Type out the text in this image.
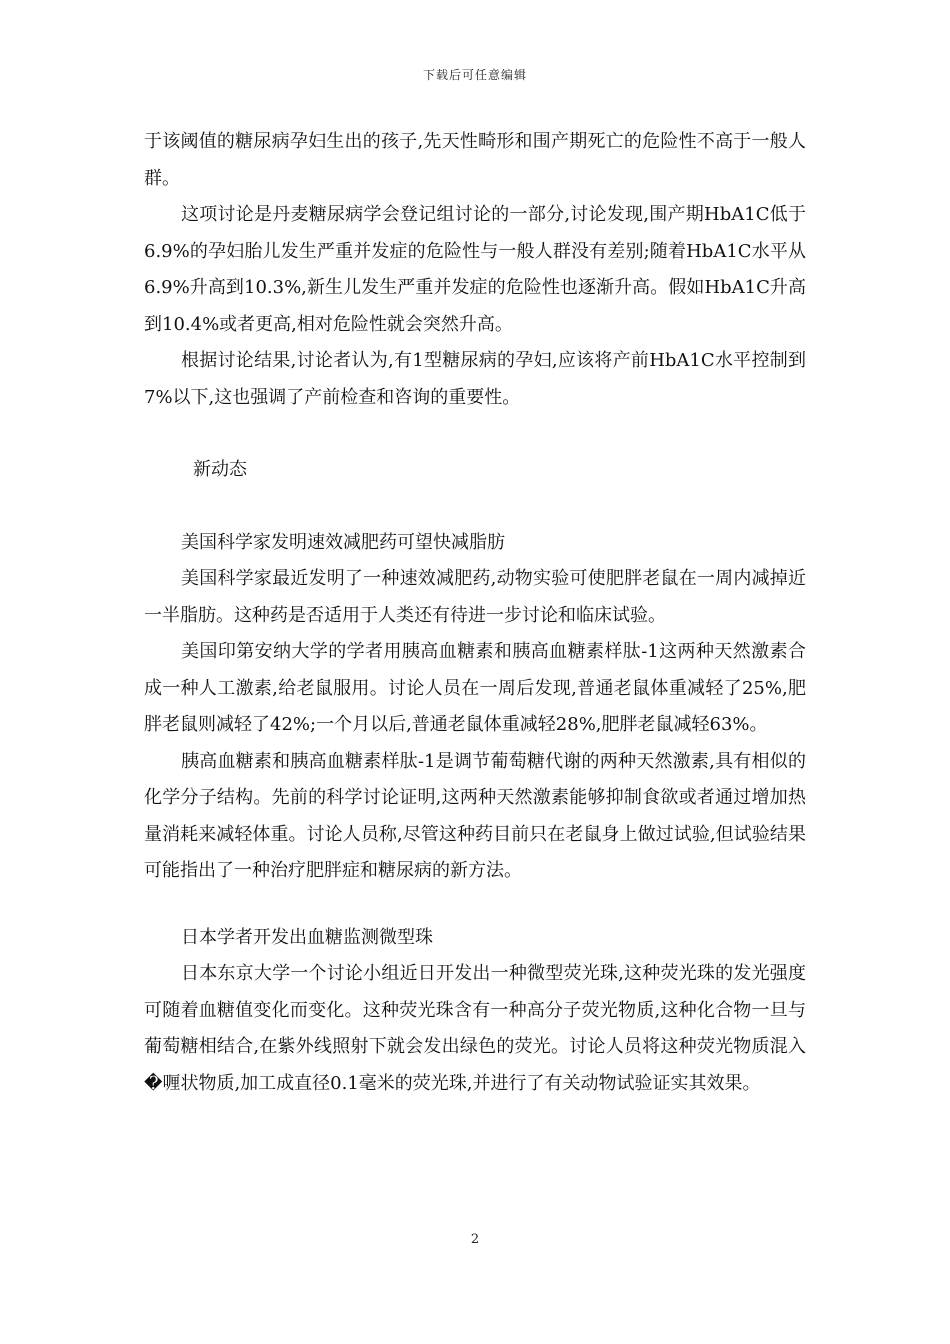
下载后可任意编辑

于该阈值的糖尿病孕妇生出的孩子,先天性畸形和围产期死亡的危险性不高于一般人群。

这项讨论是丹麦糖尿病学会登记组讨论的一部分,讨论发现,围产期HbA1C低于6.9%的孕妇胎儿发生严重并发症的危险性与一般人群没有差别;随着HbA1C水平从6.9%升高到10.3%,新生儿发生严重并发症的危险性也逐渐升高。假如HbA1C升高到10.4%或者更高,相对危险性就会突然升高。

根据讨论结果,讨论者认为,有1型糖尿病的孕妇,应该将产前HbA1C水平控制到7%以下,这也强调了产前检查和咨询的重要性。

新动态

美国科学家发明速效减肥药可望快减脂肪

美国科学家最近发明了一种速效减肥药,动物实验可使肥胖老鼠在一周内减掉近一半脂肪。这种药是否适用于人类还有待进一步讨论和临床试验。

美国印第安纳大学的学者用胰高血糖素和胰高血糖素样肽-1这两种天然激素合成一种人工激素,给老鼠服用。讨论人员在一周后发现,普通老鼠体重减轻了25%,肥胖老鼠则减轻了42%;一个月以后,普通老鼠体重减轻28%,肥胖老鼠减轻63%。

胰高血糖素和胰高血糖素样肽-1是调节葡萄糖代谢的两种天然激素,具有相似的化学分子结构。先前的科学讨论证明,这两种天然激素能够抑制食欲或者通过增加热量消耗来减轻体重。讨论人员称,尽管这种药目前只在老鼠身上做过试验,但试验结果可能指出了一种治疗肥胖症和糖尿病的新方法。

日本学者开发出血糖监测微型珠

日本东京大学一个讨论小组近日开发出一种微型荧光珠,这种荧光珠的发光强度可随着血糖值变化而变化。这种荧光珠含有一种高分子荧光物质,这种化合物一旦与葡萄糖相结合,在紫外线照射下就会发出绿色的荧光。讨论人员将这种荧光物质混入�喱状物质,加工成直径0.1毫米的荧光珠,并进行了有关动物试验证实其效果。

2
